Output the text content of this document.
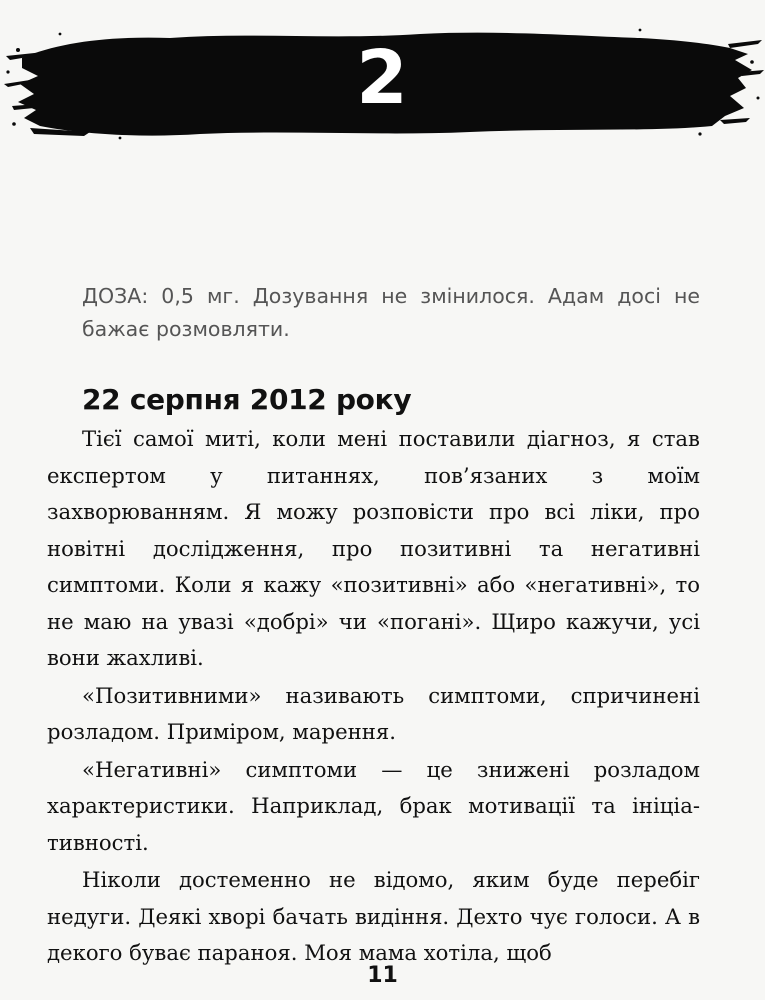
2
ДОЗА: 0,5 мг. Дозування не змінилося. Адам досі не бажає розмовляти.
22 серпня 2012 року

Тієї самої миті, коли мені поставили діагноз, я став експертом у питаннях, пов’язаних з моїм захворюванням. Я можу розповісти про всі ліки, про новітні дослідження, про позитивні та негативні симптоми. Коли я кажу «позитивні» або «негативні», то не маю на увазі «добрі» чи «погані». Щиро кажучи, усі вони жахливі.

«Позитивними» називають симптоми, спричинені розладом. Приміром, марення.

«Негативні» симптоми — це знижені розладом характеристики. Наприклад, брак мотивації та ініціативності.

Ніколи достеменно не відомо, яким буде перебіг недуги. Деякі хворі бачать видіння. Дехто чує голоси. А в декого буває параноя. Моя мама хотіла, щоб

11
